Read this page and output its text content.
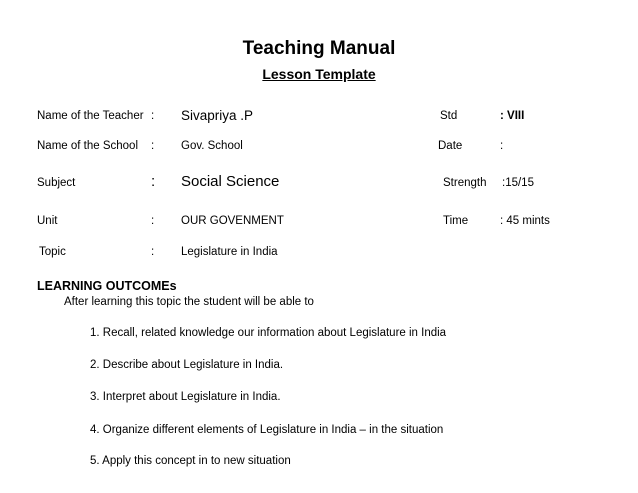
Teaching Manual
Lesson Template
Name of the Teacher : Sivapriya .P	Std	: VIII
Name of the School : Gov. School	Date	:
Subject	: Social Science	Strength :15/15
Unit	: OUR GOVENMENT	Time	: 45 mints
Topic	: Legislature in India
LEARNING OUTCOMEs
After learning this topic the student will be able to
1. Recall, related knowledge our information about Legislature in India
2. Describe about Legislature in India.
3. Interpret about Legislature in India.
4. Organize different elements of Legislature in India – in the situation
5. Apply this concept in to new situation
